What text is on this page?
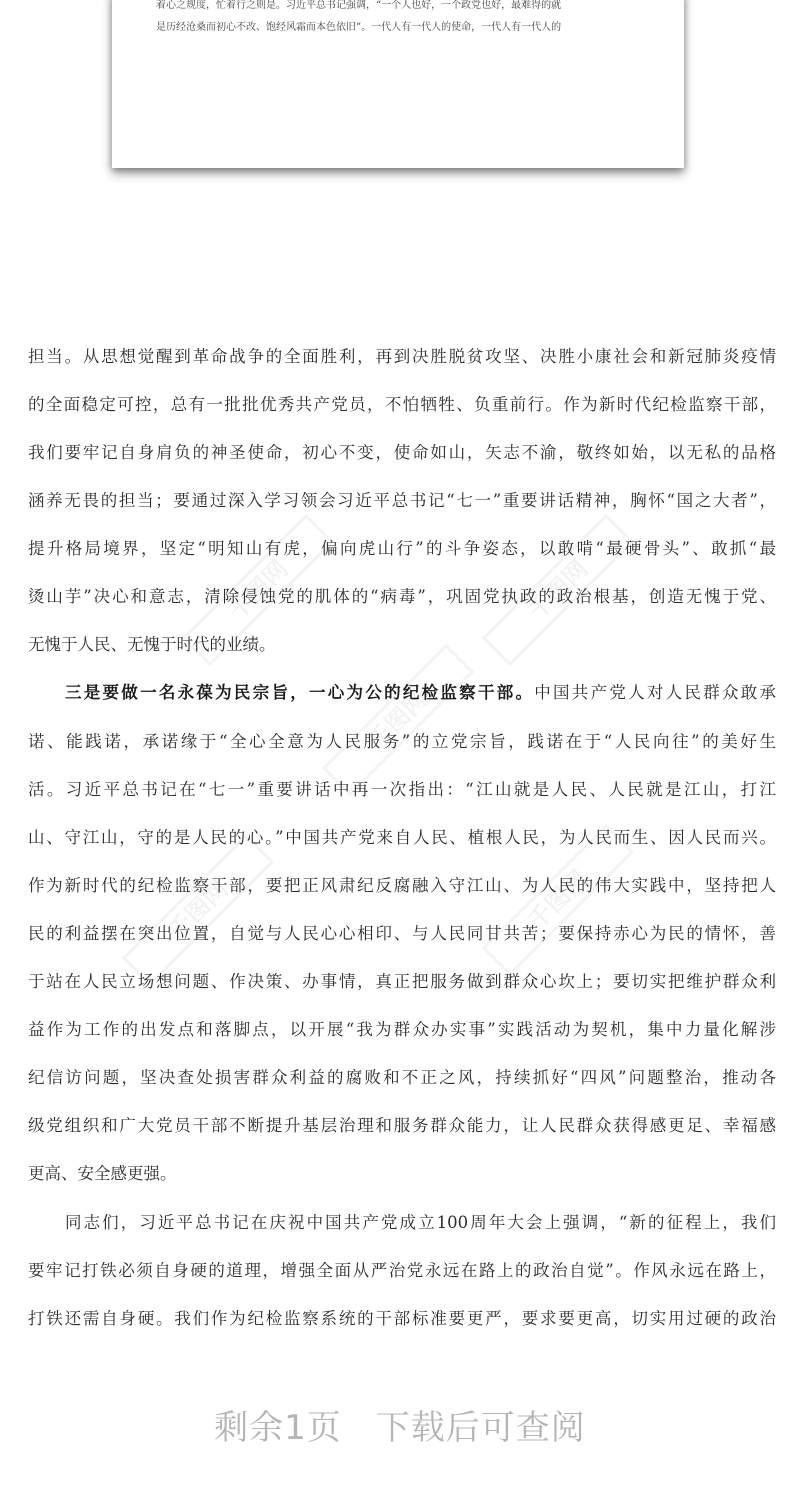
着心之规度，忙着行之则是。习近平总书记强调，“一个人也好，一个政党也好，最难得的就
是历经沧桑而初心不改、饱经风霜而本色依旧”。一代人有一代人的使命，一代人有一代人的
千图网	千图网
千图网
千图网	千图网
担当。从思想觉醒到革命战争的全面胜利，再到决胜脱贫攻坚、决胜小康社会和新冠肺炎疫情
的全面稳定可控，总有一批批优秀共产党员，不怕牺牲、负重前行。作为新时代纪检监察干部，
我们要牢记自身肩负的神圣使命，初心不变，使命如山，矢志不渝，敬终如始，以无私的品格
涵养无畏的担当；要通过深入学习领会习近平总书记“七一”重要讲话精神，胸怀“国之大者”，
提升格局境界，坚定“明知山有虎，偏向虎山行”的斗争姿态，以敢啃“最硬骨头”、敢抓“最
烫山芋”决心和意志，清除侵蚀党的肌体的“病毒”，巩固党执政的政治根基，创造无愧于党、
无愧于人民、无愧于时代的业绩。
三是要做一名永葆为民宗旨，一心为公的纪检监察干部。中国共产党人对人民群众敢承
诺、能践诺，承诺缘于“全心全意为人民服务”的立党宗旨，践诺在于“人民向往”的美好生
活。习近平总书记在“七一”重要讲话中再一次指出：“江山就是人民、人民就是江山，打江
山、守江山，守的是人民的心。”中国共产党来自人民、植根人民，为人民而生、因人民而兴。
作为新时代的纪检监察干部，要把正风肃纪反腐融入守江山、为人民的伟大实践中，坚持把人
民的利益摆在突出位置，自觉与人民心心相印、与人民同甘共苦；要保持赤心为民的情怀，善
于站在人民立场想问题、作决策、办事情，真正把服务做到群众心坎上；要切实把维护群众利
益作为工作的出发点和落脚点，以开展“我为群众办实事”实践活动为契机，集中力量化解涉
纪信访问题，坚决查处损害群众利益的腐败和不正之风，持续抓好“四风”问题整治，推动各
级党组织和广大党员干部不断提升基层治理和服务群众能力，让人民群众获得感更足、幸福感
更高、安全感更强。
同志们，习近平总书记在庆祝中国共产党成立100周年大会上强调，“新的征程上，我们
要牢记打铁必须自身硬的道理，增强全面从严治党永远在路上的政治自觉”。作风永远在路上，
打铁还需自身硬。我们作为纪检监察系统的干部标准要更严，要求要更高，切实用过硬的政治
剩余1页 下载后可查阅
